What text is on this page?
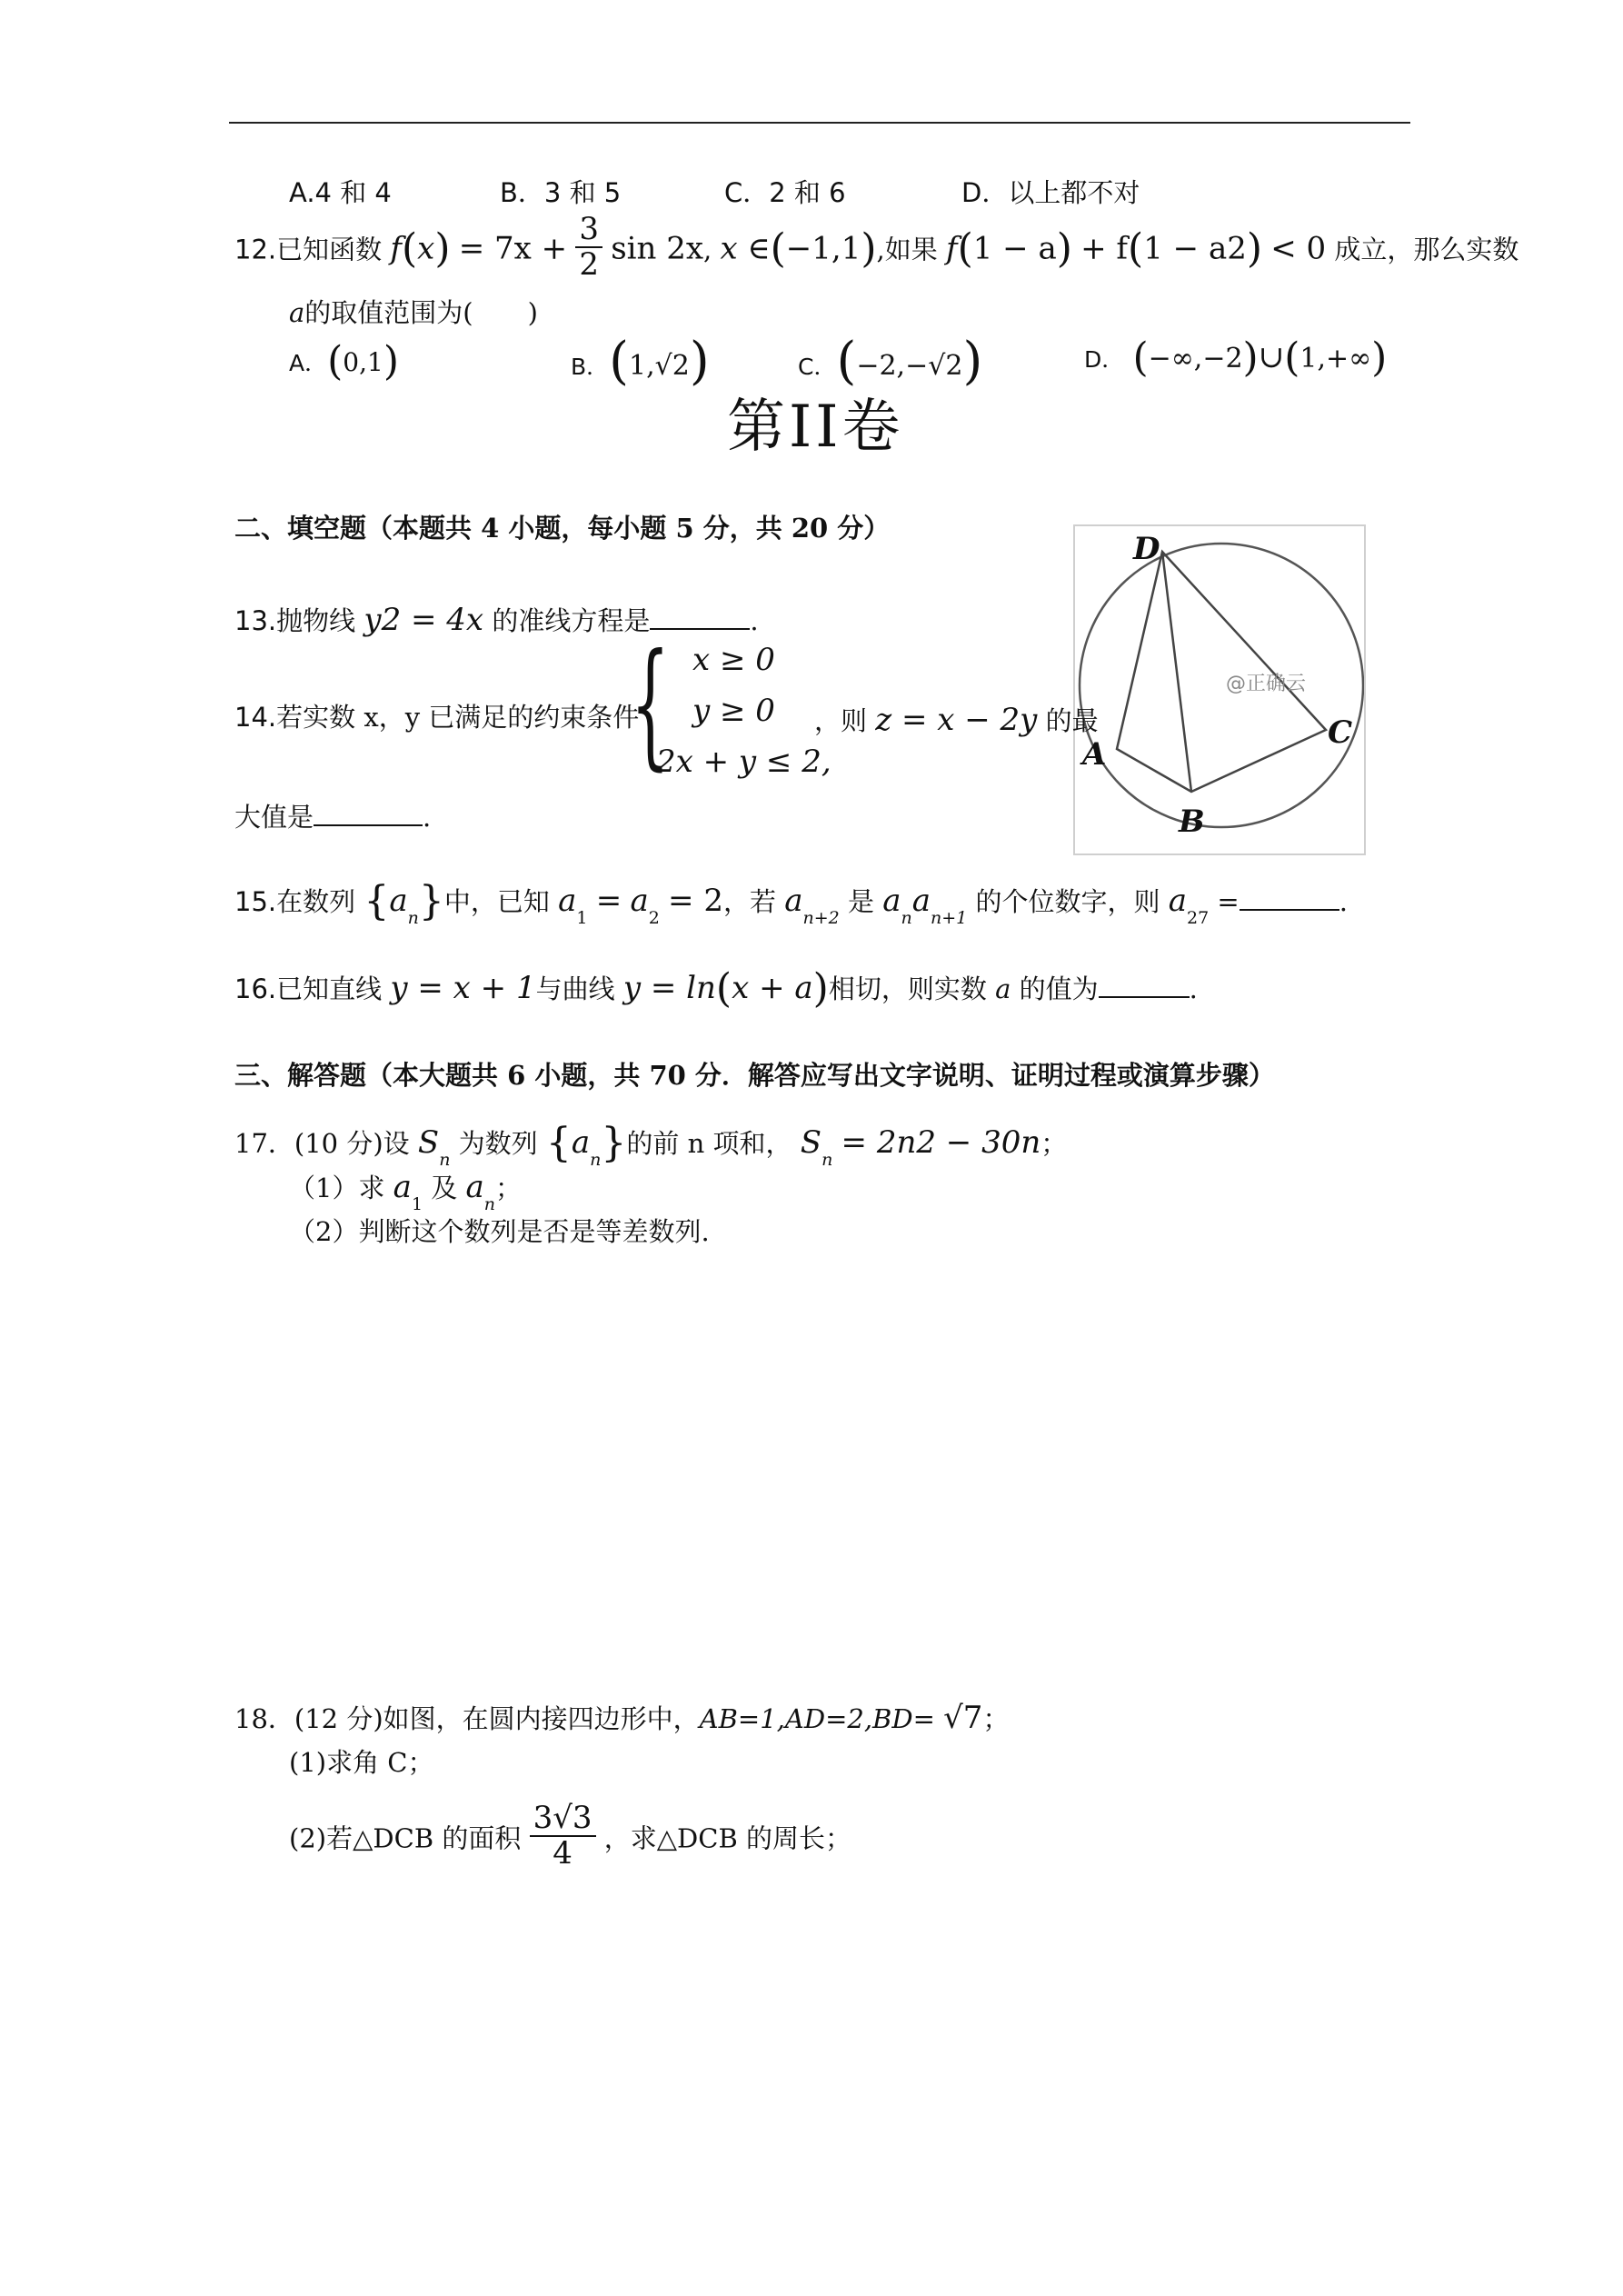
A.4 和 4	B．3 和 5	C．2 和 6	D．以上都不对
12.已知函数 $f(x) = 7x + \frac{3}{2}$ sin 2x, x ∈(−1,1),如果 f(1 − a) + f(1 − a2) < 0 成立，那么实数
a的取值范围为( )
A．(0,1)	B．(1,√2)	C．(−2,−√2)	D． (−∞,−2)∪(1,+∞)
第II卷
二、填空题（本题共 4 小题，每小题 5 分，共 20 分）
D
A
B
C
@正确云
13.抛物线 y2 = 4x 的准线方程是	.
14.若实数 x，y 已满足的约束条件
{ x ≥ 0
y ≥ 0
2x + y ≤ 2,
，则 z = x − 2y 的最
大值是	.
15.在数列 $\{a_n\}$中，已知 $a_1 = a_2 = 2$，若 $a_{n+2}$ 是 $a_na_{n+1}$ 的个位数字，则 $a_{27}$ =	.
16.已知直线 y = x + 1与曲线 y = ln(x + a)相切，则实数 a 的值为	.
三、解答题（本大题共 6 小题，共 70 分．解答应写出文字说明、证明过程或演算步骤）
17．(10 分)设 $S_n$ 为数列 $\{a_n\}$的前 n 项和， $S_n = 2n2 - 30n$；
（1）求 $a_1$ 及 $a_n$；
（2）判断这个数列是否是等差数列.
18．(12 分)如图，在圆内接四边形中，AB=1,AD=2,BD= √7；
(1)求角 C；
(2)若△DCB 的面积 $\frac{3√3}{4}$ ，求△DCB 的周长；
